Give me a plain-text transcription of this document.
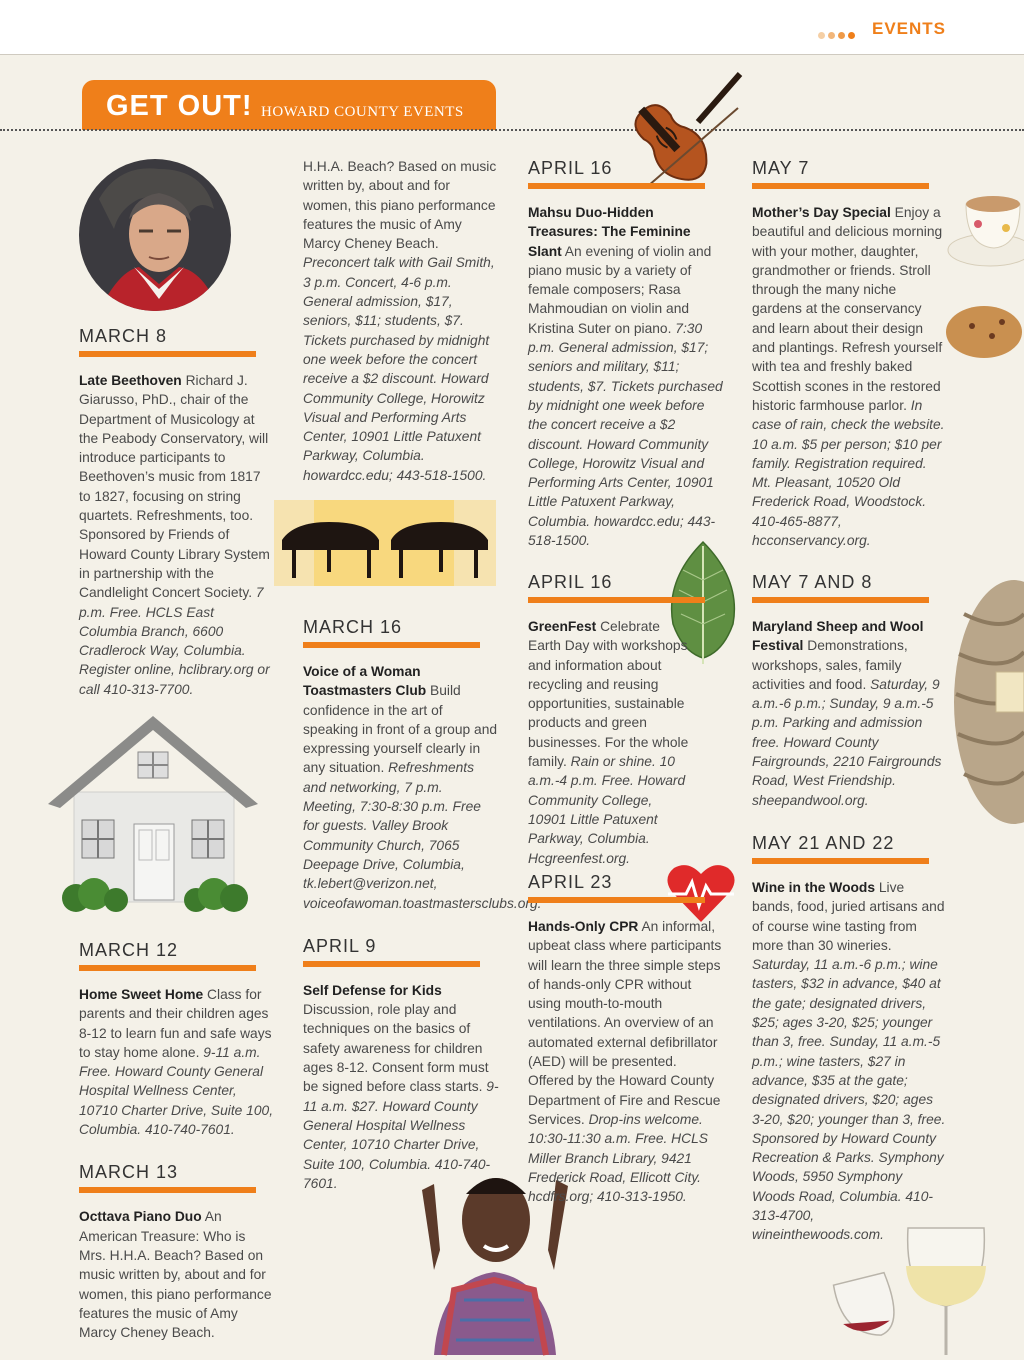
EVENTS
GET OUT! HOWARD COUNTY EVENTS
MARCH 8
Late Beethoven Richard J. Giarusso, PhD., chair of the Department of Musicology at the Peabody Conservatory, will introduce participants to Beethoven’s music from 1817 to 1827, focusing on string quartets. Refreshments, too. Sponsored by Friends of Howard County Library System in partnership with the Candlelight Concert Society. 7 p.m. Free. HCLS East Columbia Branch, 6600 Cradlerock Way, Columbia. Register online, hclibrary.org or call 410-313-7700.
MARCH 12
Home Sweet Home Class for parents and their children ages 8-12 to learn fun and safe ways to stay home alone. 9-11 a.m. Free. Howard County General Hospital Wellness Center, 10710 Charter Drive, Suite 100, Columbia. 410-740-7601.
MARCH 13
Octtava Piano Duo An American Treasure: Who is Mrs. H.H.A. Beach? Based on music written by, about and for women, this piano performance features the music of Amy Marcy Cheney Beach.
H.H.A. Beach? Based on music written by, about and for women, this piano performance features the music of Amy Marcy Cheney Beach. Preconcert talk with Gail Smith, 3 p.m. Concert, 4-6 p.m. General admission, $17, seniors, $11; students, $7. Tickets purchased by midnight one week before the concert receive a $2 discount. Howard Community College, Horowitz Visual and Performing Arts Center, 10901 Little Patuxent Parkway, Columbia. howardcc.edu; 443-518-1500.
MARCH 16
Voice of a Woman Toastmasters Club Build confidence in the art of speaking in front of a group and expressing yourself clearly in any situation. Refreshments and networking, 7 p.m. Meeting, 7:30-8:30 p.m. Free for guests. Valley Brook Community Church, 7065 Deepage Drive, Columbia, tk.lebert@verizon.net, voiceofawoman.toastmastersclubs.org.
APRIL 9
Self Defense for Kids Discussion, role play and techniques on the basics of safety awareness for children ages 8-12. Consent form must be signed before class starts. 9-11 a.m. $27. Howard County General Hospital Wellness Center, 10710 Charter Drive, Suite 100, Columbia. 410-740-7601.
APRIL 16
Mahsu Duo-Hidden Treasures: The Feminine Slant An evening of violin and piano music by a variety of female composers; Rasa Mahmoudian on violin and Kristina Suter on piano. 7:30 p.m. General admission, $17; seniors and military, $11; students, $7. Tickets purchased by midnight one week before the concert receive a $2 discount. Howard Community College, Horowitz Visual and Performing Arts Center, 10901 Little Patuxent Parkway, Columbia. howardcc.edu; 443-518-1500.
APRIL 16
GreenFest Celebrate Earth Day with workshops and information about recycling and reusing opportunities, sustainable products and green businesses. For the whole family. Rain or shine. 10 a.m.-4 p.m. Free. Howard Community College, 10901 Little Patuxent Parkway, Columbia. Hcgreenfest.org.
APRIL 23
Hands-Only CPR An informal, upbeat class where participants will learn the three simple steps of hands-only CPR without using mouth-to-mouth ventilations. An overview of an automated external defibrillator (AED) will be presented. Offered by the Howard County Department of Fire and Rescue Services. Drop-ins welcome. 10:30-11:30 a.m. Free. HCLS Miller Branch Library, 9421 Frederick Road, Ellicott City. hcdfrs.org; 410-313-1950.
MAY 7
Mother’s Day Special Enjoy a beautiful and delicious morning with your mother, daughter, grandmother or friends. Stroll through the many niche gardens at the conservancy and learn about their design and plantings. Refresh yourself with tea and freshly baked Scottish scones in the restored historic farmhouse parlor. In case of rain, check the website. 10 a.m. $5 per person; $10 per family. Registration required. Mt. Pleasant, 10520 Old Frederick Road, Woodstock. 410-465-8877, hcconservancy.org.
MAY 7 AND 8
Maryland Sheep and Wool Festival Demonstrations, workshops, sales, family activities and food. Saturday, 9 a.m.-6 p.m.; Sunday, 9 a.m.-5 p.m. Parking and admission free. Howard County Fairgrounds, 2210 Fairgrounds Road, West Friendship. sheepandwool.org.
MAY 21 AND 22
Wine in the Woods Live bands, food, juried artisans and of course wine tasting from more than 30 wineries. Saturday, 11 a.m.-6 p.m.; wine tasters, $32 in advance, $40 at the gate; designated drivers, $25; ages 3-20, $25; younger than 3, free. Sunday, 11 a.m.-5 p.m.; wine tasters, $27 in advance, $35 at the gate; designated drivers, $20; ages 3-20, $20; younger than 3, free. Sponsored by Howard County Recreation & Parks. Symphony Woods, 5950 Symphony Woods Road, Columbia. 410-313-4700, wineinthewoods.com.
